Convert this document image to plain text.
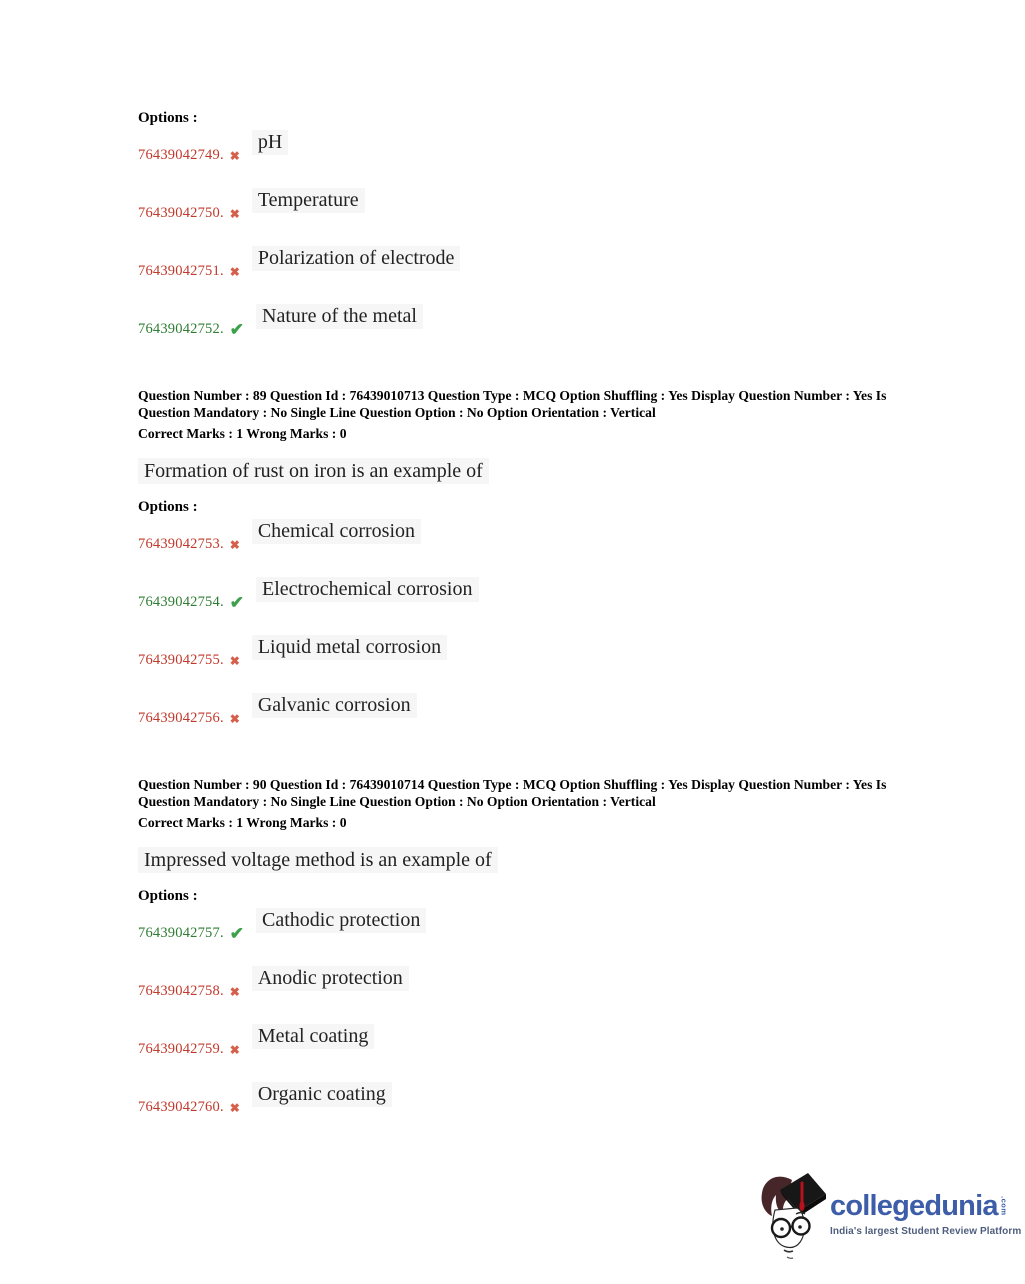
Options :

76439042749. ✖
pH
76439042750. ✖
Temperature
76439042751. ✖
Polarization of electrode
76439042752. ✔
Nature of the metal

Question Number : 89 Question Id : 76439010713 Question Type : MCQ Option Shuffling : Yes Display Question Number : Yes Is Question Mandatory : No Single Line Question Option : No Option Orientation : Vertical

Correct Marks : 1 Wrong Marks : 0

Formation of rust on iron is an example of

Options :

76439042753. ✖
Chemical corrosion
76439042754. ✔
Electrochemical corrosion
76439042755. ✖
Liquid metal corrosion
76439042756. ✖
Galvanic corrosion

Question Number : 90 Question Id : 76439010714 Question Type : MCQ Option Shuffling : Yes Display Question Number : Yes Is Question Mandatory : No Single Line Question Option : No Option Orientation : Vertical

Correct Marks : 1 Wrong Marks : 0

Impressed voltage method is an example of

Options :

76439042757. ✔
Cathodic protection
76439042758. ✖
Anodic protection
76439042759. ✖
Metal coating
76439042760. ✖
Organic coating
collegedunia .com
India's largest Student Review Platform
